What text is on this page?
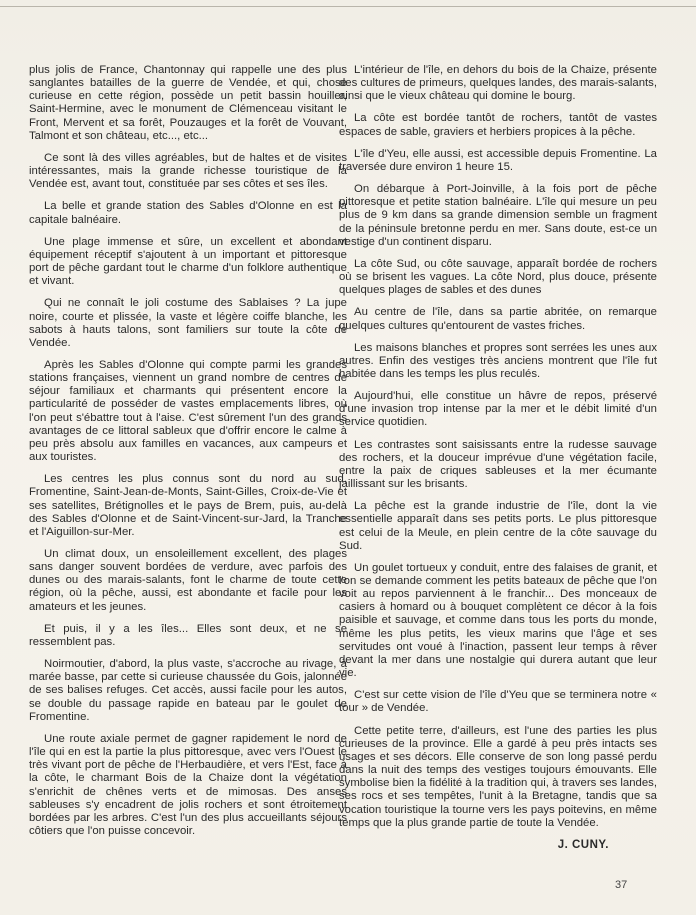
plus jolis de France, Chantonnay qui rappelle une des plus sanglantes batailles de la guerre de Vendée, et qui, chose curieuse en cette région, possède un petit bassin houiller, Saint-Hermine, avec le monument de Clémenceau visitant le Front, Mervent et sa forêt, Pouzauges et la forêt de Vouvant, Talmont et son château, etc..., etc...

Ce sont là des villes agréables, but de haltes et de visites intéressantes, mais la grande richesse touristique de la Vendée est, avant tout, constituée par ses côtes et ses îles.

La belle et grande station des Sables d'Olonne en est la capitale balnéaire.

Une plage immense et sûre, un excellent et abondant équipement réceptif s'ajoutent à un important et pittoresque port de pêche gardant tout le charme d'un folklore authentique et vivant.

Qui ne connaît le joli costume des Sablaises ? La jupe noire, courte et plissée, la vaste et légère coiffe blanche, les sabots à hauts talons, sont familiers sur toute la côte de Vendée.

Après les Sables d'Olonne qui compte parmi les grandes stations françaises, viennent un grand nombre de centres de séjour familiaux et charmants qui présentent encore la particularité de posséder de vastes emplacements libres, où l'on peut s'ébattre tout à l'aise. C'est sûrement l'un des grands avantages de ce littoral sableux que d'offrir encore le calme à peu près absolu aux familles en vacances, aux campeurs et aux touristes.

Les centres les plus connus sont du nord au sud, Fromentine, Saint-Jean-de-Monts, Saint-Gilles, Croix-de-Vie et ses satellites, Brétignolles et le pays de Brem, puis, au-delà des Sables d'Olonne et de Saint-Vincent-sur-Jard, la Tranche et l'Aiguillon-sur-Mer.

Un climat doux, un ensoleillement excellent, des plages sans danger souvent bordées de verdure, avec parfois des dunes ou des marais-salants, font le charme de toute cette région, où la pêche, aussi, est abondante et facile pour les amateurs et les jeunes.

Et puis, il y a les îles... Elles sont deux, et ne se ressemblent pas.

Noirmoutier, d'abord, la plus vaste, s'accroche au rivage, à marée basse, par cette si curieuse chaussée du Gois, jalonnée de ses balises refuges. Cet accès, aussi facile pour les autos, se double du passage rapide en bateau par le goulet de Fromentine.

Une route axiale permet de gagner rapidement le nord de l'île qui en est la partie la plus pittoresque, avec vers l'Ouest le très vivant port de pêche de l'Herbaudière, et vers l'Est, face à la côte, le charmant Bois de la Chaize dont la végétation s'enrichit de chênes verts et de mimosas. Des anses sableuses s'y encadrent de jolis rochers et sont étroitement bordées par les arbres. C'est l'un des plus accueillants séjours côtiers que l'on puisse concevoir.

L'intérieur de l'île, en dehors du bois de la Chaize, présente des cultures de primeurs, quelques landes, des marais-salants, ainsi que le vieux château qui domine le bourg.

La côte est bordée tantôt de rochers, tantôt de vastes espaces de sable, graviers et herbiers propices à la pêche.

L'île d'Yeu, elle aussi, est accessible depuis Fromentine. La traversée dure environ 1 heure 15.

On débarque à Port-Joinville, à la fois port de pêche pittoresque et petite station balnéaire. L'île qui mesure un peu plus de 9 km dans sa grande dimension semble un fragment de la péninsule bretonne perdu en mer. Sans doute, est-ce un vestige d'un continent disparu.

La côte Sud, ou côte sauvage, apparaît bordée de rochers où se brisent les vagues. La côte Nord, plus douce, présente quelques plages de sables et des dunes

Au centre de l'île, dans sa partie abritée, on remarque quelques cultures qu'entourent de vastes friches.

Les maisons blanches et propres sont serrées les unes aux autres. Enfin des vestiges très anciens montrent que l'île fut habitée dans les temps les plus reculés.

Aujourd'hui, elle constitue un hâvre de repos, préservé d'une invasion trop intense par la mer et le débit limité d'un service quotidien.

Les contrastes sont saisissants entre la rudesse sauvage des rochers, et la douceur imprévue d'une végétation facile, entre la paix de criques sableuses et la mer écumante jaillissant sur les brisants.

La pêche est la grande industrie de l'île, dont la vie essentielle apparaît dans ses petits ports. Le plus pittoresque est celui de la Meule, en plein centre de la côte sauvage du Sud.

Un goulet tortueux y conduit, entre des falaises de granit, et l'on se demande comment les petits bateaux de pêche que l'on voit au repos parviennent à le franchir... Des monceaux de casiers à homard ou à bouquet complètent ce décor à la fois paisible et sauvage, et comme dans tous les ports du monde, même les plus petits, les vieux marins que l'âge et ses servitudes ont voué à l'inaction, passent leur temps à rêver devant la mer dans une nostalgie qui durera autant que leur vie.

C'est sur cette vision de l'île d'Yeu que se terminera notre « tour » de Vendée.

Cette petite terre, d'ailleurs, est l'une des parties les plus curieuses de la province. Elle a gardé à peu près intacts ses usages et ses décors. Elle conserve de son long passé perdu dans la nuit des temps des vestiges toujours émouvants. Elle symbolise bien la fidélité à la tradition qui, à travers ses landes, ses rocs et ses tempêtes, l'unit à la Bretagne, tandis que sa vocation touristique la tourne vers les pays poitevins, en même temps que la plus grande partie de toute la Vendée.

J. CUNY.
37
